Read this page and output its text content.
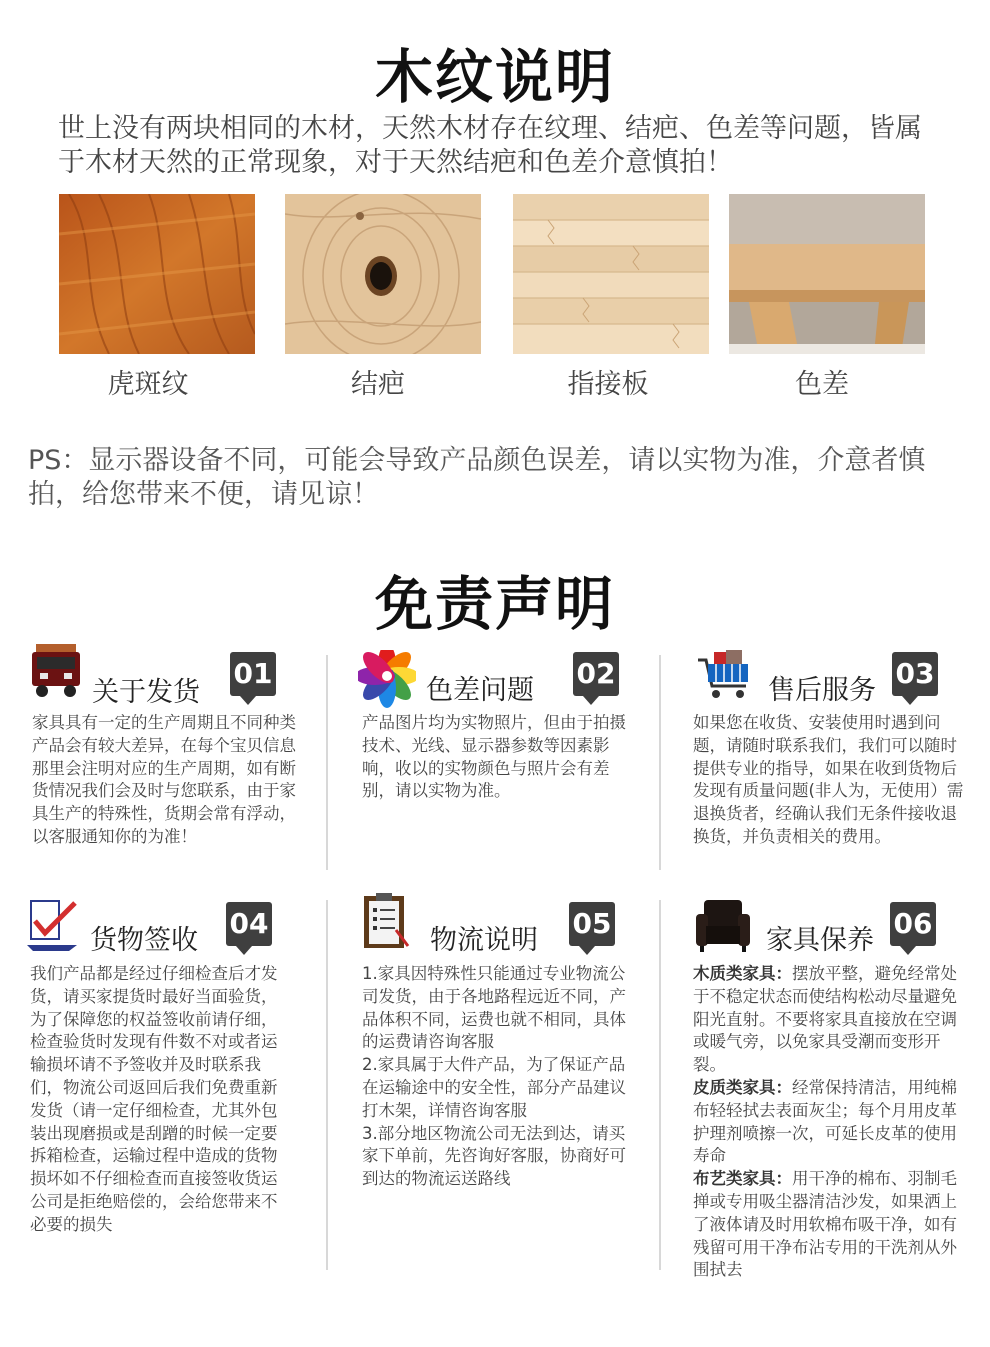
木纹说明
世上没有两块相同的木材，天然木材存在纹理、结疤、色差等问题，皆属于木材天然的正常现象，对于天然结疤和色差介意慎拍！
虎斑纹	结疤	指接板	色差
PS：显示器设备不同，可能会导致产品颜色误差，请以实物为准，介意者慎拍，给您带来不便，请见谅！
免责声明
关于发货
01

家具具有一定的生产周期且不同种类产品会有较大差异，在每个宝贝信息那里会注明对应的生产周期，如有断货情况我们会及时与您联系，由于家具生产的特殊性，货期会常有浮动，以客服通知你的为准！

色差问题
02

产品图片均为实物照片，但由于拍摄技术、光线、显示器参数等因素影响，收以的实物颜色与照片会有差别，请以实物为准。

售后服务
03

如果您在收货、安装使用时遇到问题，请随时联系我们，我们可以随时提供专业的指导，如果在收到货物后发现有质量问题(非人为，无使用）需退换货者，经确认我们无条件接收退换货，并负责相关的费用。

货物签收
04

我们产品都是经过仔细检查后才发货，请买家提货时最好当面验货，为了保障您的权益签收前请仔细，检查验货时发现有件数不对或者运输损坏请不予签收并及时联系我们，物流公司返回后我们免费重新发货（请一定仔细检查，尤其外包装出现磨损或是刮蹭的时候一定要拆箱检查，运输过程中造成的货物损坏如不仔细检查而直接签收货运公司是拒绝赔偿的，会给您带来不必要的损失

物流说明
05

1.家具因特殊性只能通过专业物流公司发货，由于各地路程远近不同，产品体积不同，运费也就不相同，具体的运费请咨询客服

2.家具属于大件产品，为了保证产品在运输途中的安全性，部分产品建议打木架，详情咨询客服

3.部分地区物流公司无法到达，请买家下单前，先咨询好客服，协商好可到达的物流运送路线

家具保养
06

木质类家具：摆放平整，避免经常处于不稳定状态而使结构松动尽量避免阳光直射。不要将家具直接放在空调或暖气旁，以免家具受潮而变形开裂。

皮质类家具：经常保持清洁，用纯棉布轻轻拭去表面灰尘；每个月用皮革护理剂喷擦一次，可延长皮革的使用寿命

布艺类家具：用干净的棉布、羽制毛掸或专用吸尘器清洁沙发，如果洒上了液体请及时用软棉布吸干净，如有残留可用干净布沾专用的干洗剂从外围拭去
